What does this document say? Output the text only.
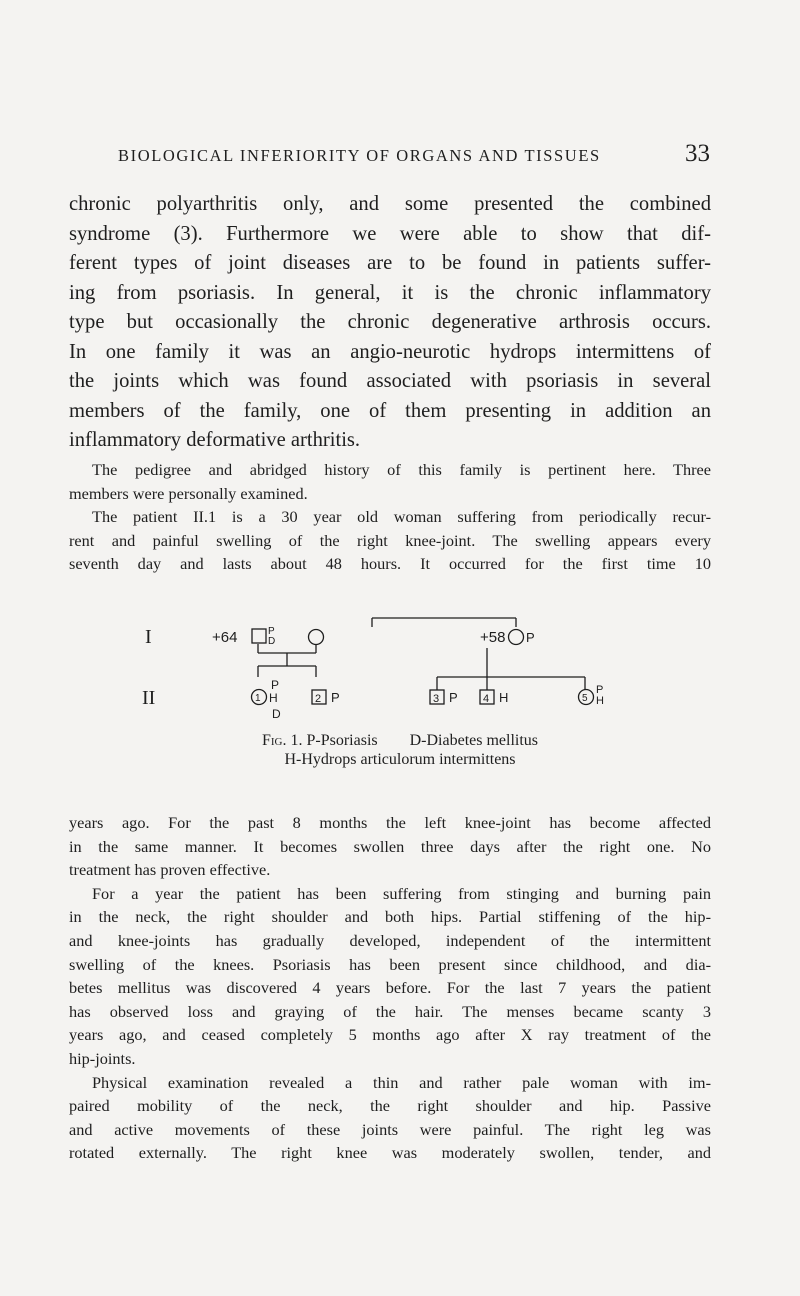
BIOLOGICAL INFERIORITY OF ORGANS AND TISSUES	33
chronic polyarthritis only, and some presented the combined
syndrome (3). Furthermore we were able to show that dif-
ferent types of joint diseases are to be found in patients suffer-
ing from psoriasis. In general, it is the chronic inflammatory
type but occasionally the chronic degenerative arthrosis occurs.
In one family it was an angio-neurotic hydrops intermittens of
the joints which was found associated with psoriasis in several
members of the family, one of them presenting in addition an
inflammatory deformative arthritis.
The pedigree and abridged history of this family is pertinent here. Three
members were personally examined.
The patient II.1 is a 30 year old woman suffering from periodically recur-
rent and painful swelling of the right knee-joint. The swelling appears every
seventh day and lasts about 48 hours. It occurred for the first time 10
I
II
+64	P
D	+58 P
1
P
H
D
2 P	3 P 4 H	5
P
H
Fig. 1. P-Psoriasis D-Diabetes mellitus
H-Hydrops articulorum intermittens
years ago. For the past 8 months the left knee-joint has become affected
in the same manner. It becomes swollen three days after the right one. No
treatment has proven effective.
For a year the patient has been suffering from stinging and burning pain
in the neck, the right shoulder and both hips. Partial stiffening of the hip-
and knee-joints has gradually developed, independent of the intermittent
swelling of the knees. Psoriasis has been present since childhood, and dia-
betes mellitus was discovered 4 years before. For the last 7 years the patient
has observed loss and graying of the hair. The menses became scanty 3
years ago, and ceased completely 5 months ago after X ray treatment of the
hip-joints.
Physical examination revealed a thin and rather pale woman with im-
paired mobility of the neck, the right shoulder and hip. Passive
and active movements of these joints were painful. The right leg was
rotated externally. The right knee was moderately swollen, tender, and
